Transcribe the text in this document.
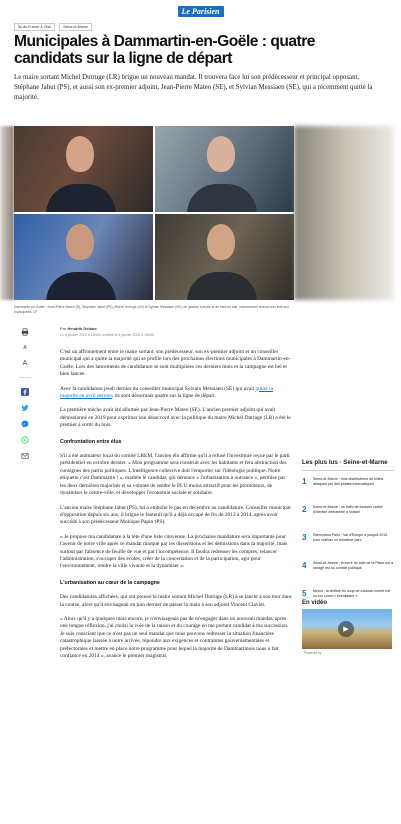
Le Parisien
Île-de-France & Oise	Seine-et-Marne
Municipales à Dammartin-en-Goële : quatre candidats sur la ligne de départ

Le maire sortant Michel Dutruge (LR) brigue un nouveau mandat. Il trouvera face lui son prédécesseur et principal opposant, Stéphane Jabut (PS), et aussi son ex-premier adjoint, Jean-Pierre Mateo (SE), et Sylvian Messiaen (SE), qui a récemment quitté la majorité.

Dammartin-en-Goële : Jean-Pierre Mateo (R), Stéphane Jabut (PS), Michel Dutruge (LR) et Sylvian Messiaen (SE), de gauche à droite et de haut en bas, commencent chacun leur liste aux municipales. LP

A
A
Par Hendrik Delaire
Le 8 janvier 2020 à 18h49, modifié le 8 janvier 2020 à 18h56

C'est un affrontement entre le maire sortant, son prédécesseur, son ex-premier adjoint et un conseiller municipal qui a quitté la majorité qui se profile lors des prochaines élections municipales à Dammartin-en-Goële. Lors des lancements de candidature se sont multipliées ces derniers mois et la campagne est bel et bien lancée.

Avec la candidature jeudi dernier du conseiller municipal Sylvain Messiaen (SE) qui avait quitté la majorité en avril dernier, ils sont désormais quatre sur la ligne de départ.

La première mèche avait été allumée par Jean-Pierre Mateo (SE). L'ancien premier adjoint qui avait démissionné en 2019 pour exprimer son désaccord avec la politique du maire Michel Dutruge (LR) a été le premier à sortir du bois.

Confrontation entre élus

S'il a été animateur local du comité LREM, l'ancien élu affirme qu'il a refusé l'investiture reçue par le parti présidentiel en octobre dernier. « Mon programme sera construit avec les habitants et fera abstraction des consignes des partis politiques. L'intelligence collective doit l'emporter sur l'idéologie politique. Notre étiquette c'est Dammartin ! », martèle le candidat, qui dénonce « l'urbanisation à outrance », permise par les deux dernières majorités et sa volonté de rendre le PLU moins attractif pour les promoteurs, de dynamiser le centre-ville, et développer l'économie sociale et solidaire.

L'ancien maire Stéphane Jabut (PS), lui a emboîté le pas en décembre au candidature. Conseiller municipal d'opposition depuis six ans, il brigue le fauteuil qu'il a déjà occupé de fin de 2012 à 2014, après avoir succédé à son prédécesseur Monique Papin (PS).

« Je propose ma candidature à la tête d'une liste citoyenne. La prochaine mandature sera importante pour l'avenir de notre ville après ce mandat marqué par les dissensions et les démissions dans la majorité, mais surtout par l'absence de feuille de vue et par l'incompétence. Il faudra redresser les comptes, relancer l'administration, s'occuper des écoles, créer de la concertation et de la participation, agir pour l'environnement, rendre la ville vivante et la dynamiser ».

L'urbanisation au cœur de la campagne

Des candidatures affichées, qui ont poussé le maire sortant Michel Dutruge (LR) à se lancer à son tour dans la course, alors qu'il envisageait en juin dernier de passer la main à son adjoint Vincent Claviet.

« Alors qu'il y a quelques mois encore, je n'envisageais pas de m'engager dans un nouveau mandat, après une longue réflexion, j'ai choisi la voie de la raison et du courage en me portant candidat à ma succession. Je suis conscient que ce n'est pas un seul mandat que nous pouvons redresser la situation financière catastrophique laissée à notre arrivée, répondre aux exigences et contraintes gouvernementales et préfectorales et mettre en place notre programme pour lequel la majorité de Dammartinois nous a fait confiance en 2014 », avance le premier magistrat.

Les plus lus · Seine-et-Marne
1	Seine-et-Marne : trois distributeurs de billets attaqués par des pirates informatiques
2	Seine-et-Marne : un trafic de fausses cartes d'identité démantelé à Noisiel
3	Disneyland Paris : Val d'Europe à jusqu'à 2016 pour réaliser un troisième parc
4	Seine-et-Marne : la serre du café de la Place est a ravagé est au comble politique
5	Melun : la victime du coup de couteau mortel est un sur cours « exemplaire »
En vidéo
▶
Powered by
